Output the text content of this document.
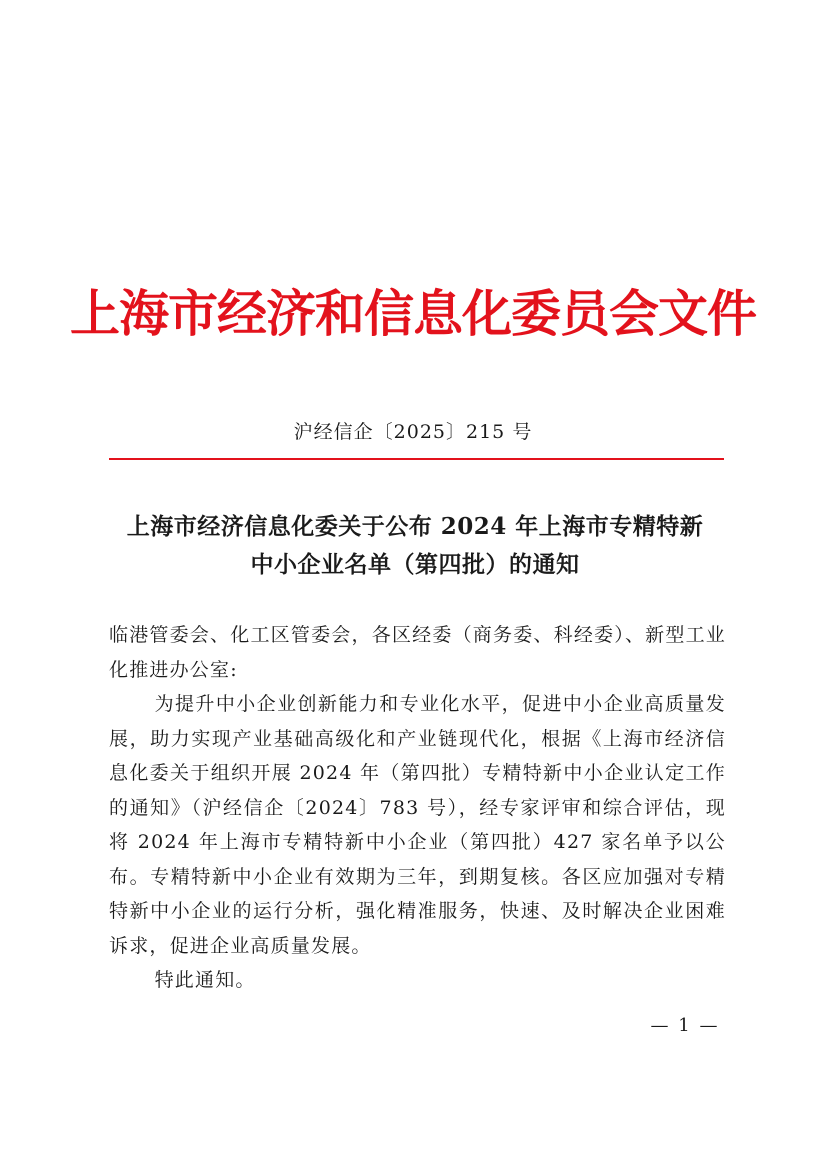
上海市经济和信息化委员会文件
沪经信企〔2025〕215 号
上海市经济信息化委关于公布 2024 年上海市专精特新
中小企业名单（第四批）的通知

临港管委会、化工区管委会，各区经委（商务委、科经委）、新型工业化推进办公室:

为提升中小企业创新能力和专业化水平，促进中小企业高质量发展，助力实现产业基础高级化和产业链现代化，根据《上海市经济信息化委关于组织开展 2024 年（第四批）专精特新中小企业认定工作的通知》（沪经信企〔2024〕783 号），经专家评审和综合评估，现将 2024 年上海市专精特新中小企业（第四批）427 家名单予以公布。专精特新中小企业有效期为三年，到期复核。各区应加强对专精特新中小企业的运行分析，强化精准服务，快速、及时解决企业困难诉求，促进企业高质量发展。

特此通知。

— 1 —
